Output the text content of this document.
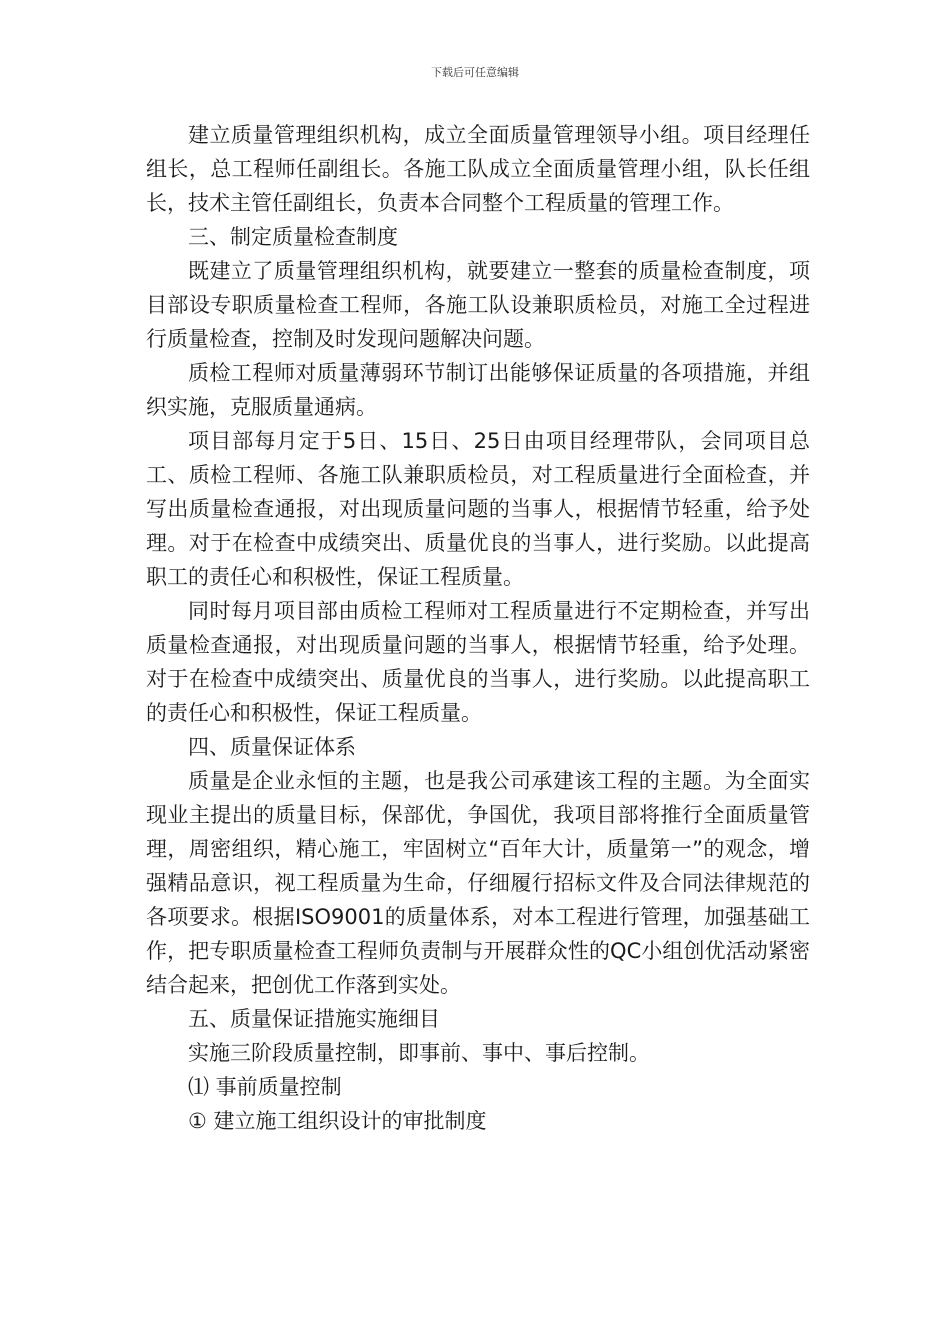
下载后可任意编辑

建立质量管理组织机构，成立全面质量管理领导小组。项目经理任组长，总工程师任副组长。各施工队成立全面质量管理小组，队长任组长，技术主管任副组长，负责本合同整个工程质量的管理工作。

三、制定质量检查制度

既建立了质量管理组织机构，就要建立一整套的质量检查制度，项目部设专职质量检查工程师，各施工队设兼职质检员，对施工全过程进行质量检查，控制及时发现问题解决问题。

质检工程师对质量薄弱环节制订出能够保证质量的各项措施，并组织实施，克服质量通病。

项目部每月定于5日、15日、25日由项目经理带队，会同项目总工、质检工程师、各施工队兼职质检员，对工程质量进行全面检查，并写出质量检查通报，对出现质量问题的当事人，根据情节轻重，给予处理。对于在检查中成绩突出、质量优良的当事人，进行奖励。以此提高职工的责任心和积极性，保证工程质量。

同时每月项目部由质检工程师对工程质量进行不定期检查，并写出质量检查通报，对出现质量问题的当事人，根据情节轻重，给予处理。对于在检查中成绩突出、质量优良的当事人，进行奖励。以此提高职工的责任心和积极性，保证工程质量。

四、质量保证体系

质量是企业永恒的主题，也是我公司承建该工程的主题。为全面实现业主提出的质量目标，保部优，争国优，我项目部将推行全面质量管理，周密组织，精心施工，牢固树立“百年大计，质量第一”的观念，增强精品意识，视工程质量为生命，仔细履行招标文件及合同法律规范的各项要求。根据ISO9001的质量体系，对本工程进行管理，加强基础工作，把专职质量检查工程师负责制与开展群众性的QC小组创优活动紧密结合起来，把创优工作落到实处。

五、质量保证措施实施细目

实施三阶段质量控制，即事前、事中、事后控制。

⑴ 事前质量控制

① 建立施工组织设计的审批制度
